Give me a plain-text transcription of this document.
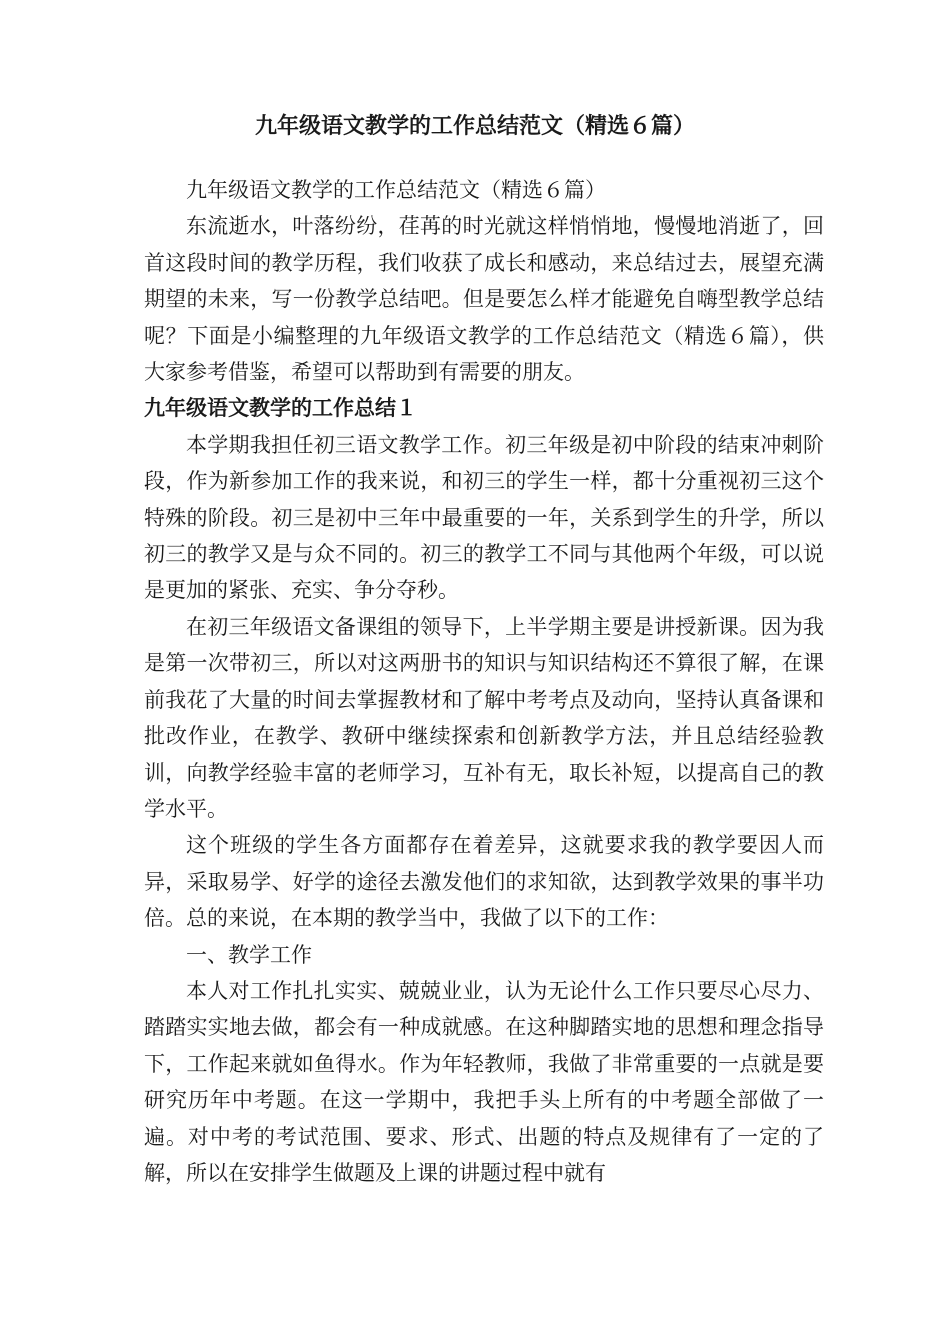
九年级语文教学的工作总结范文（精选６篇）

九年级语文教学的工作总结范文（精选６篇）

东流逝水，叶落纷纷，荏苒的时光就这样悄悄地，慢慢地消逝了，回首这段时间的教学历程，我们收获了成长和感动，来总结过去，展望充满期望的未来，写一份教学总结吧。但是要怎么样才能避免自嗨型教学总结呢？下面是小编整理的九年级语文教学的工作总结范文（精选６篇），供大家参考借鉴，希望可以帮助到有需要的朋友。

九年级语文教学的工作总结１

本学期我担任初三语文教学工作。初三年级是初中阶段的结束冲刺阶段，作为新参加工作的我来说，和初三的学生一样，都十分重视初三这个特殊的阶段。初三是初中三年中最重要的一年，关系到学生的升学，所以初三的教学又是与众不同的。初三的教学工不同与其他两个年级，可以说是更加的紧张、充实、争分夺秒。

在初三年级语文备课组的领导下，上半学期主要是讲授新课。因为我是第一次带初三，所以对这两册书的知识与知识结构还不算很了解，在课前我花了大量的时间去掌握教材和了解中考考点及动向，坚持认真备课和批改作业，在教学、教研中继续探索和创新教学方法，并且总结经验教训，向教学经验丰富的老师学习，互补有无，取长补短，以提高自己的教学水平。

这个班级的学生各方面都存在着差异，这就要求我的教学要因人而异，采取易学、好学的途径去激发他们的求知欲，达到教学效果的事半功倍。总的来说，在本期的教学当中，我做了以下的工作：

一、教学工作

本人对工作扎扎实实、兢兢业业，认为无论什么工作只要尽心尽力、踏踏实实地去做，都会有一种成就感。在这种脚踏实地的思想和理念指导下，工作起来就如鱼得水。作为年轻教师，我做了非常重要的一点就是要研究历年中考题。在这一学期中，我把手头上所有的中考题全部做了一遍。对中考的考试范围、要求、形式、出题的特点及规律有了一定的了解，所以在安排学生做题及上课的讲题过程中就有
